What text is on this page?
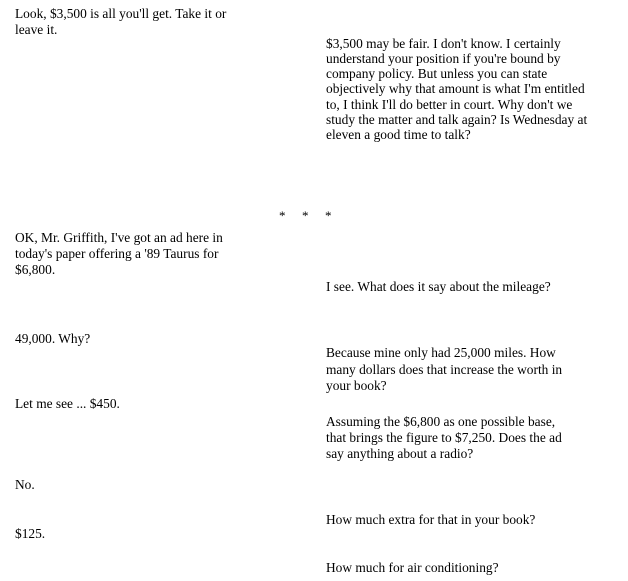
Look, $3,500 is all you'll get. Take it or

leave it.

$3,500 may be fair. I don't know. I certainly

understand your position if you're bound by

company policy. But unless you can state

objectively why that amount is what I'm entitled

to, I think I'll do better in court. Why don't we

study the matter and talk again? Is Wednesday at

eleven a good time to talk?

* * *

OK, Mr. Griffith, I've got an ad here in

today's paper offering a '89 Taurus for

$6,800.

I see. What does it say about the mileage?

49,000. Why?

Because mine only had 25,000 miles. How

many dollars does that increase the worth in

your book?

Let me see ... $450.

Assuming the $6,800 as one possible base,

that brings the figure to $7,250. Does the ad

say anything about a radio?

No.

How much extra for that in your book?

$125.

How much for air conditioning?
